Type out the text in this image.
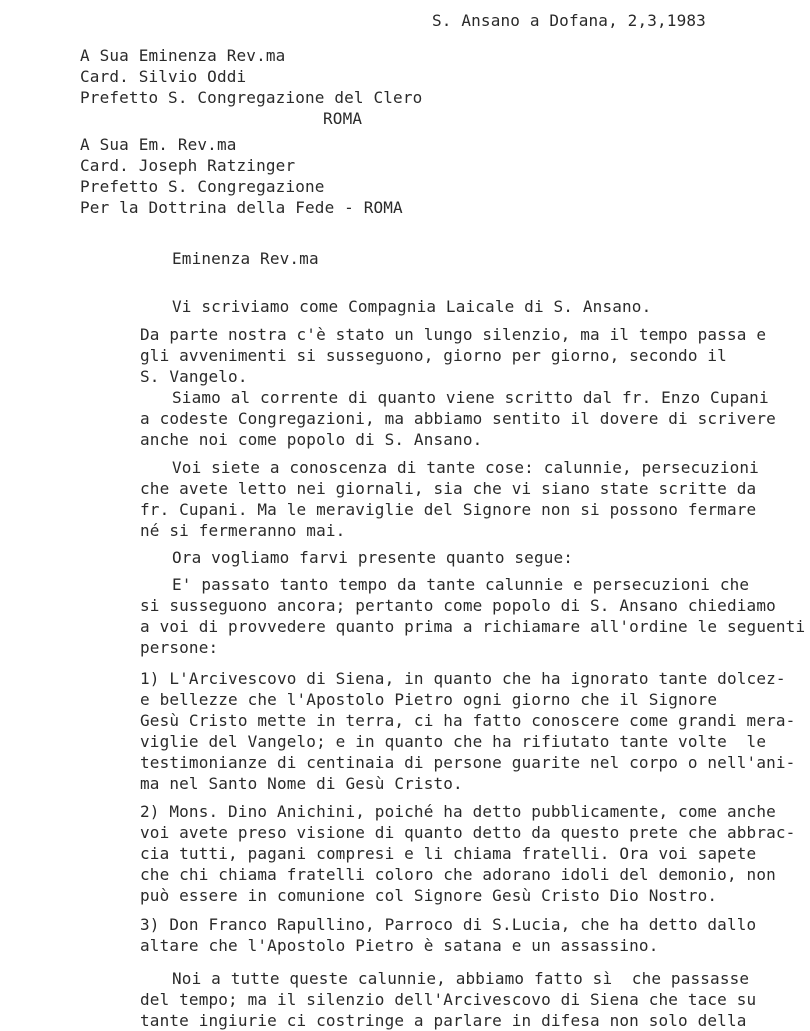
S. Ansano a Dofana, 2,3,1983
A Sua Eminenza Rev.ma
Card. Silvio Oddi
Prefetto S. Congregazione del Clero
ROMA
A Sua Em. Rev.ma
Card. Joseph Ratzinger
Prefetto S. Congregazione
Per la Dottrina della Fede - ROMA
Eminenza Rev.ma
Vi scriviamo come Compagnia Laicale di S. Ansano.
Da parte nostra c'è stato un lungo silenzio, ma il tempo passa e
gli avvenimenti si susseguono, giorno per giorno, secondo il
S. Vangelo.
Siamo al corrente di quanto viene scritto dal fr. Enzo Cupani
a codeste Congregazioni, ma abbiamo sentito il dovere di scrivere
anche noi come popolo di S. Ansano.
Voi siete a conoscenza di tante cose: calunnie, persecuzioni
che avete letto nei giornali, sia che vi siano state scritte da
fr. Cupani. Ma le meraviglie del Signore non si possono fermare
né si fermeranno mai.
Ora vogliamo farvi presente quanto segue:
E' passato tanto tempo da tante calunnie e persecuzioni che
si susseguono ancora; pertanto come popolo di S. Ansano chiediamo
a voi di provvedere quanto prima a richiamare all'ordine le seguenti
persone:
1) L'Arcivescovo di Siena, in quanto che ha ignorato tante dolcez-
e bellezze che l'Apostolo Pietro ogni giorno che il Signore
Gesù Cristo mette in terra, ci ha fatto conoscere come grandi mera-
viglie del Vangelo; e in quanto che ha rifiutato tante volte  le
testimonianze di centinaia di persone guarite nel corpo o nell'ani-
ma nel Santo Nome di Gesù Cristo.
2) Mons. Dino Anichini, poiché ha detto pubblicamente, come anche
voi avete preso visione di quanto detto da questo prete che abbrac-
cia tutti, pagani compresi e li chiama fratelli. Ora voi sapete
che chi chiama fratelli coloro che adorano idoli del demonio, non
può essere in comunione col Signore Gesù Cristo Dio Nostro.
3) Don Franco Rapullino, Parroco di S.Lucia, che ha detto dallo
altare che l'Apostolo Pietro è satana e un assassino.
Noi a tutte queste calunnie, abbiamo fatto sì  che passasse
del tempo; ma il silenzio dell'Arcivescovo di Siena che tace su
tante ingiurie ci costringe a parlare in difesa non solo della
